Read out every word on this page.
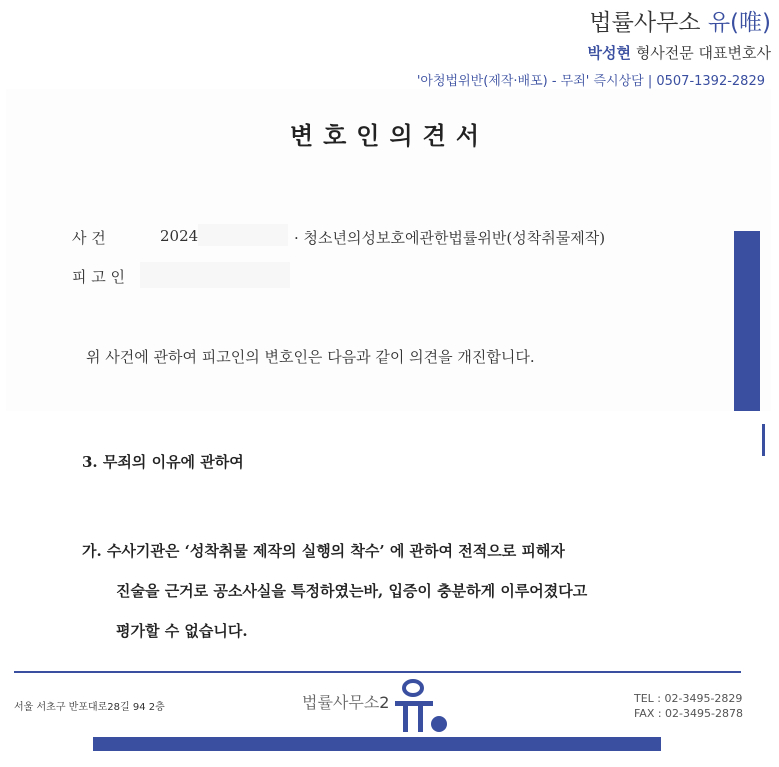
법률사무소 유(唯)
박성현 형사전문 대표변호사
'아청법위반(제작·배포) - 무죄' 즉시상담 | 0507-1392-2829
변호인의견서
사 건	2024	· 청소년의성보호에관한법률위반(성착취물제작)
피 고 인
위 사건에 관하여 피고인의 변호인은 다음과 같이 의견을 개진합니다.
3. 무죄의 이유에 관하여
가. 수사기관은 ‘성착취물 제작의 실행의 착수’ 에 관하여 전적으로 피해자
진술을 근거로 공소사실을 특정하였는바, 입증이 충분하게 이루어졌다고
평가할 수 없습니다.
서울 서초구 반포대로28길 94 2층	법률사무소2	TEL : 02-3495-2829
FAX : 02-3495-2878
